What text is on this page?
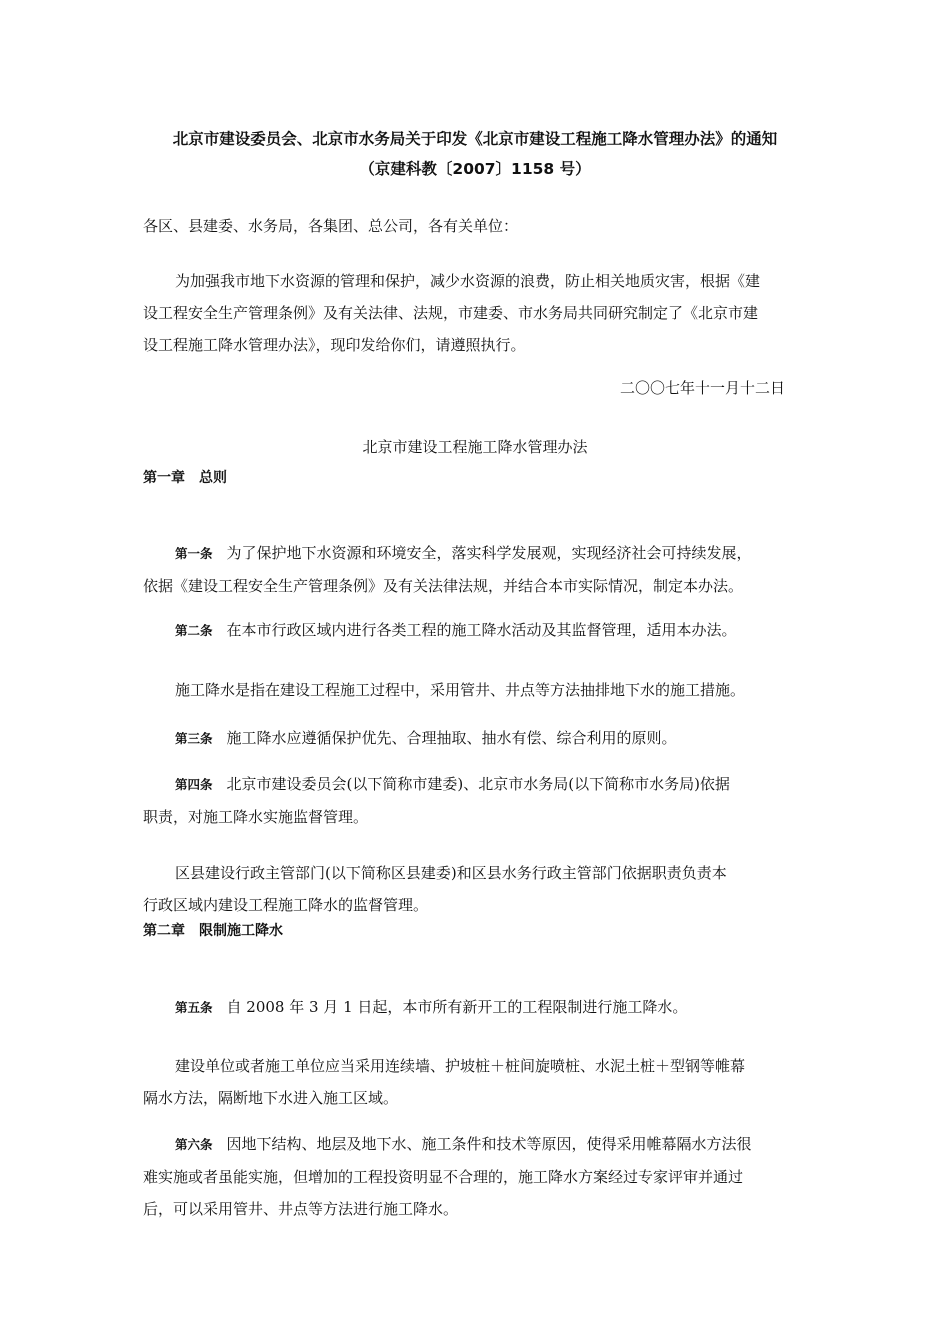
北京市建设委员会、北京市水务局关于印发《北京市建设工程施工降水管理办法》的通知
（京建科教〔2007〕1158 号）
各区、县建委、水务局，各集团、总公司，各有关单位：
为加强我市地下水资源的管理和保护，减少水资源的浪费，防止相关地质灾害，根据《建
设工程安全生产管理条例》及有关法律、法规，市建委、市水务局共同研究制定了《北京市建
设工程施工降水管理办法》，现印发给你们，请遵照执行。
二〇〇七年十一月十二日
北京市建设工程施工降水管理办法
第一章　总则
第一条 为了保护地下水资源和环境安全，落实科学发展观，实现经济社会可持续发展，
依据《建设工程安全生产管理条例》及有关法律法规，并结合本市实际情况，制定本办法。
第二条 在本市行政区域内进行各类工程的施工降水活动及其监督管理，适用本办法。
施工降水是指在建设工程施工过程中，采用管井、井点等方法抽排地下水的施工措施。
第三条 施工降水应遵循保护优先、合理抽取、抽水有偿、综合利用的原则。
第四条 北京市建设委员会(以下简称市建委)、北京市水务局(以下简称市水务局)依据
职责，对施工降水实施监督管理。
区县建设行政主管部门(以下简称区县建委)和区县水务行政主管部门依据职责负责本
行政区域内建设工程施工降水的监督管理。
第二章　限制施工降水
第五条 自 2008 年 3 月 1 日起，本市所有新开工的工程限制进行施工降水。
建设单位或者施工单位应当采用连续墙、护坡桩＋桩间旋喷桩、水泥土桩＋型钢等帷幕
隔水方法，隔断地下水进入施工区域。
第六条 因地下结构、地层及地下水、施工条件和技术等原因，使得采用帷幕隔水方法很
难实施或者虽能实施，但增加的工程投资明显不合理的，施工降水方案经过专家评审并通过
后，可以采用管井、井点等方法进行施工降水。
